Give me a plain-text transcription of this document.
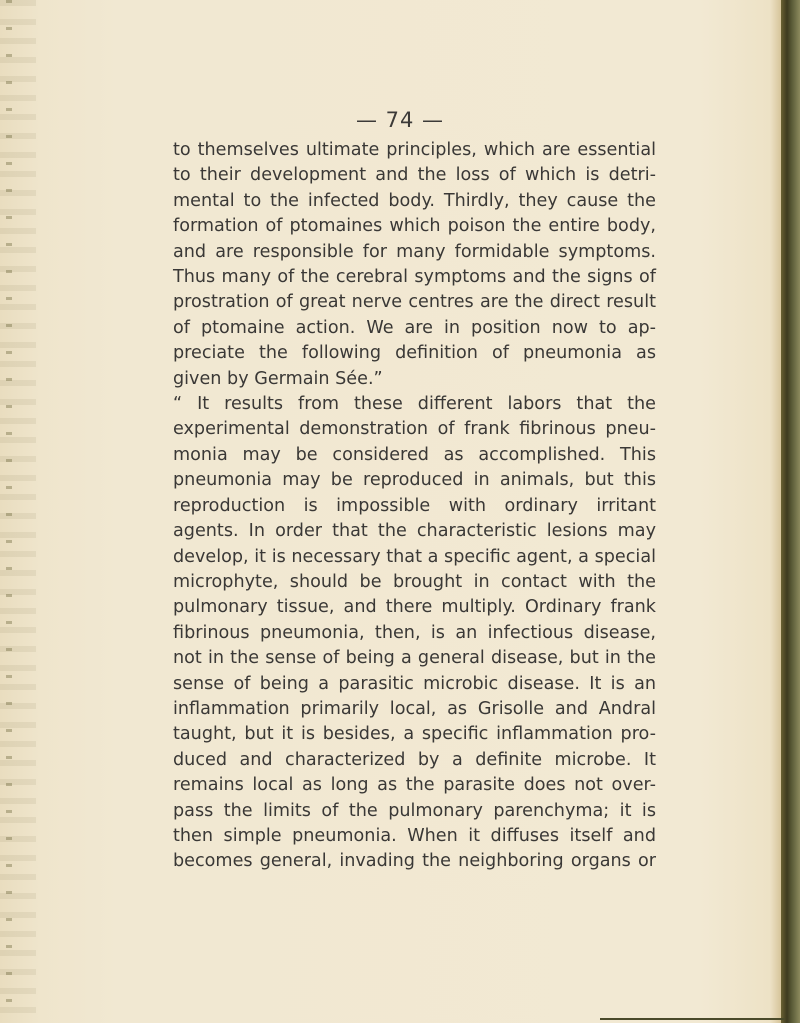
— 74 —
to themselves ultimate principles, which are essential
to their development and the loss of which is detri-
mental to the infected body. Thirdly, they cause the
formation of ptomaines which poison the entire body,
and are responsible for many formidable symptoms.
Thus many of the cerebral symptoms and the signs of
prostration of great nerve centres are the direct result
of ptomaine action. We are in position now to ap-
preciate the following definition of pneumonia as
given by Germain Sée.”
“ It results from these different labors that the
experimental demonstration of frank fibrinous pneu-
monia may be considered as accomplished. This
pneumonia may be reproduced in animals, but this
reproduction is impossible with ordinary irritant
agents. In order that the characteristic lesions may
develop, it is necessary that a specific agent, a special
microphyte, should be brought in contact with the
pulmonary tissue, and there multiply. Ordinary frank
fibrinous pneumonia, then, is an infectious disease,
not in the sense of being a general disease, but in the
sense of being a parasitic microbic disease. It is an
inflammation primarily local, as Grisolle and Andral
taught, but it is besides, a specific inflammation pro-
duced and characterized by a definite microbe. It
remains local as long as the parasite does not over-
pass the limits of the pulmonary parenchyma; it is
then simple pneumonia. When it diffuses itself and
becomes general, invading the neighboring organs or
